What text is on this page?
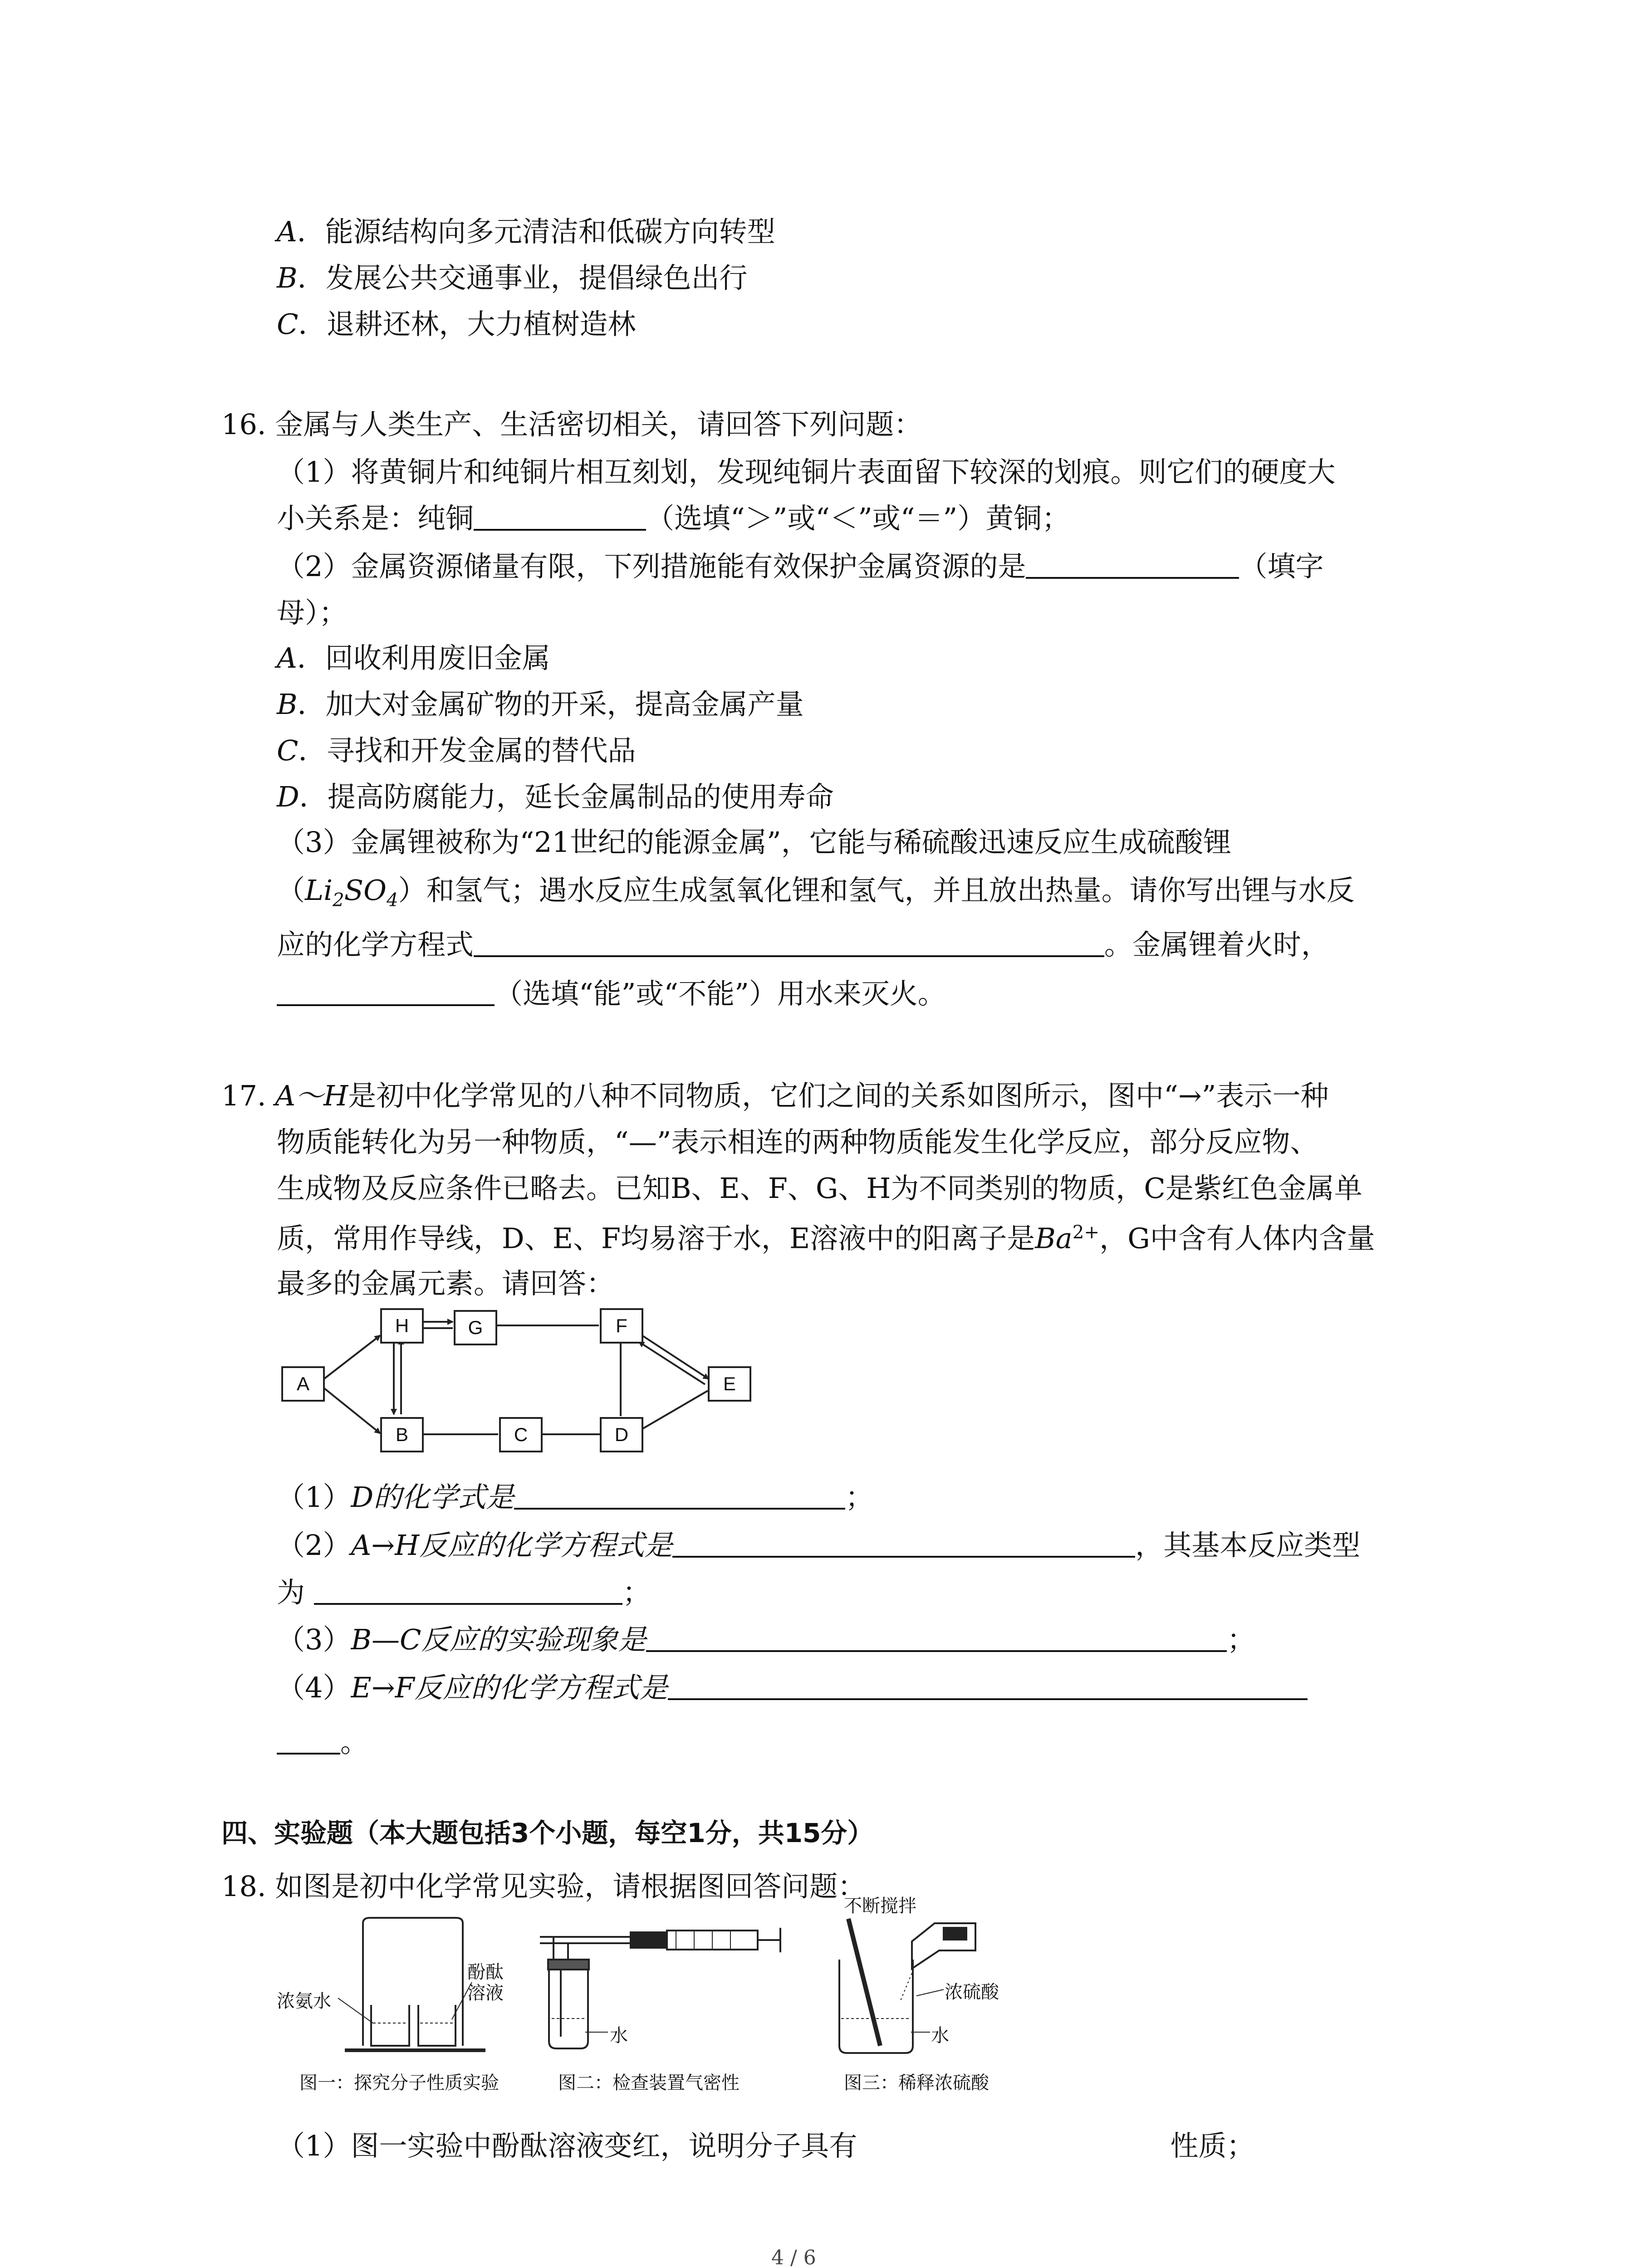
A．能源结构向多元清洁和低碳方向转型
B．发展公共交通事业，提倡绿色出行
C．退耕还林，大力植树造林
16. 金属与人类生产、生活密切相关，请回答下列问题：
（1）将黄铜片和纯铜片相互刻划，发现纯铜片表面留下较深的划痕。则它们的硬度大
小关系是：纯铜	（选填“＞”或“＜”或“＝”）黄铜；
（2）金属资源储量有限，下列措施能有效保护金属资源的是	（填字
母）；
A．回收利用废旧金属
B．加大对金属矿物的开采，提高金属产量
C．寻找和开发金属的替代品
D．提高防腐能力，延长金属制品的使用寿命
（3）金属锂被称为“21世纪的能源金属”，它能与稀硫酸迅速反应生成硫酸锂
$(Li_2SO_4)$和氢气；遇水反应生成氢氧化锂和氢气，并且放出热量。请你写出锂与水反
应的化学方程式	。金属锂着火时，
（选填“能”或“不能”）用水来灭火。
17. A～H是初中化学常见的八种不同物质，它们之间的关系如图所示，图中“→”表示一种
物质能转化为另一种物质，“—”表示相连的两种物质能发生化学反应，部分反应物、
生成物及反应条件已略去。已知B、E、F、G、H为不同类别的物质，C是紫红色金属单
质，常用作导线，D、E、F均易溶于水，E溶液中的阳离子是$Ba^{2+}$，G中含有人体内含量
最多的金属元素。请回答：
A
H	G	F
E
B	C	D
（1）D的化学式是	；
（2）A→H反应的化学方程式是	，其基本反应类型
为	；
（3）B—C反应的实验现象是	；
（4）E→F反应的化学方程式是
。
四、实验题（本大题包括3个小题，每空1分，共15分）
18. 如图是初中化学常见实验，请根据图回答问题：
浓氨水
酚酞
溶液
图一：探究分子性质实验
水
图二：检查装置气密性
不断搅拌
浓硫酸
水
图三：稀释浓硫酸
（1）图一实验中酚酞溶液变红，说明分子具有	性质；
4 / 6
